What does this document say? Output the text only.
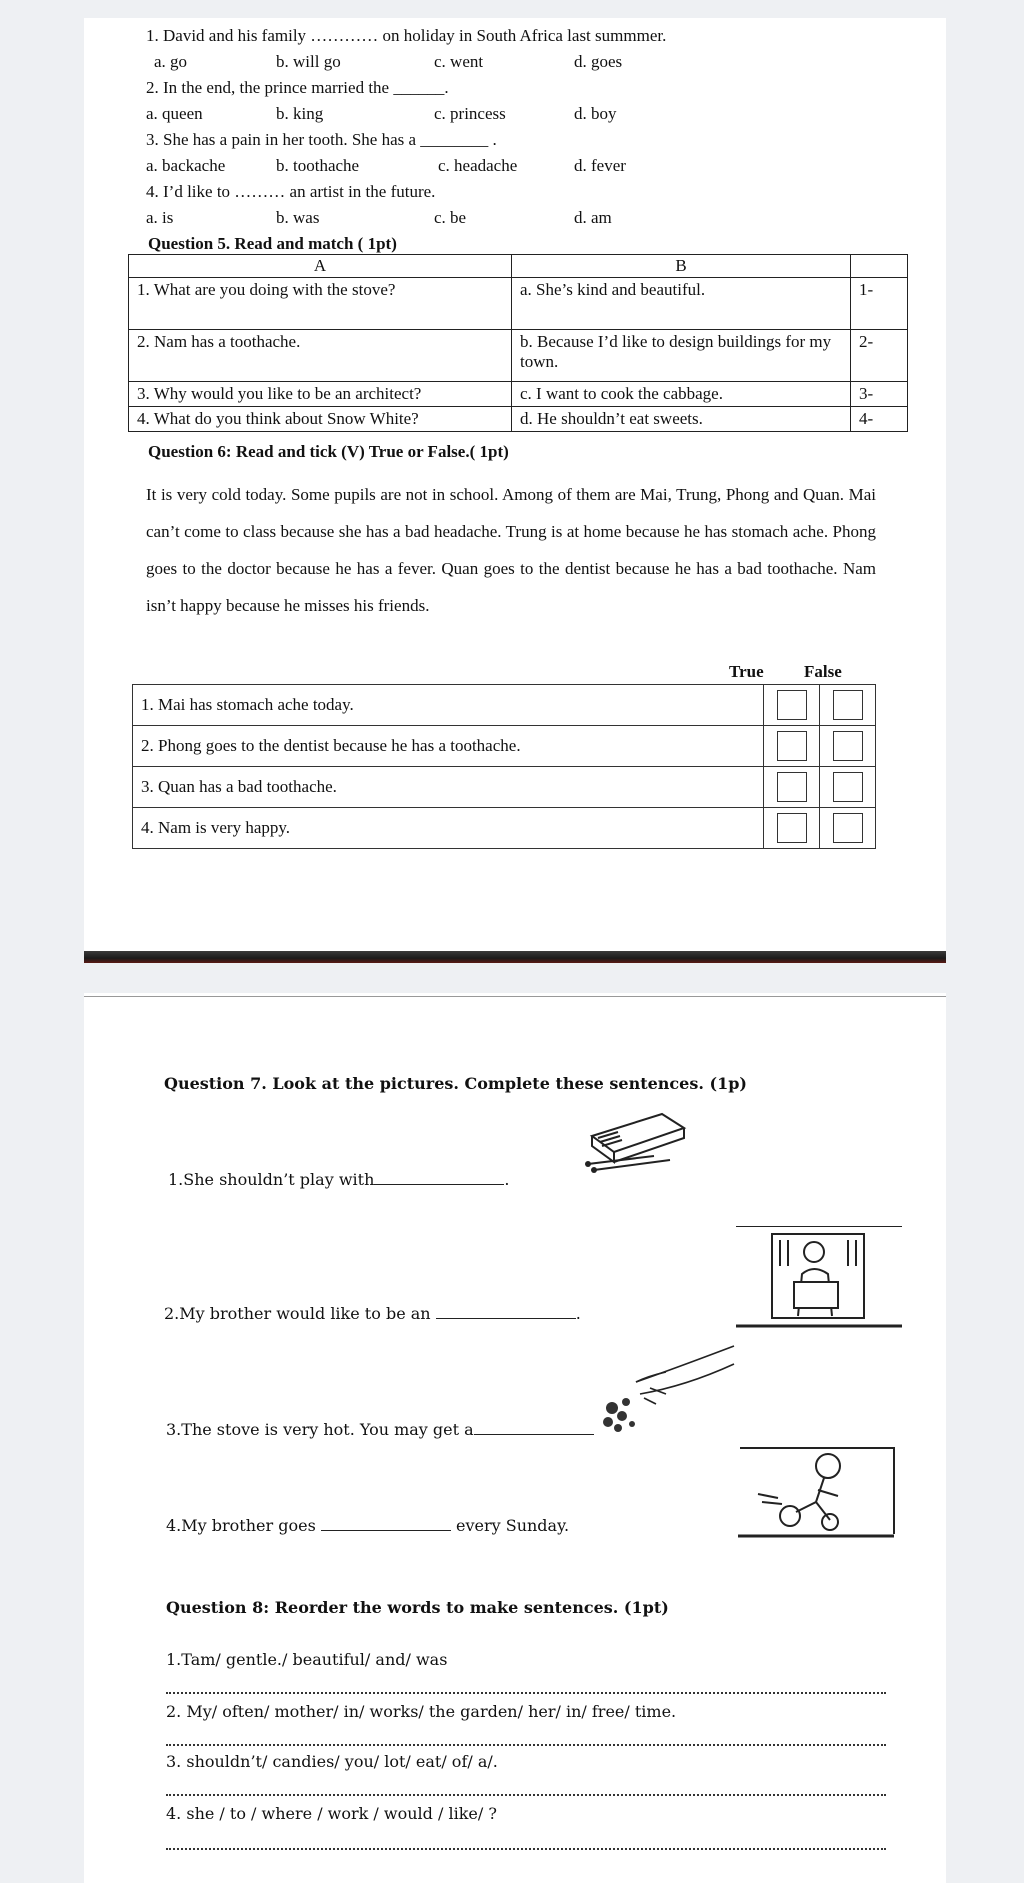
1. David and his family ………… on holiday in South Africa last summmer.
a. go	b. will go	c. went	d. goes
2. In the end, the prince married the ______.
a. queen	b. king	c. princess	d. boy
3. She has a pain in her tooth. She has a ________ .
a. backache	b. toothache	c. headache	d. fever
4. I’d like to ……… an artist in the future.
a. is	b. was	c. be	d. am
Question 5. Read and match ( 1pt)
A	B	
1. What are you doing with the stove?	a. She’s kind and beautiful.	1-
2. Nam has a toothache.	b. Because I’d like to design buildings for my town.	2-
3. Why would you like to be an architect?	c. I want to cook the cabbage.	3-
4. What do you think about Snow White?	d. He shouldn’t eat sweets.	4-
Question 6: Read and tick (V) True or False.( 1pt)
It is very cold today. Some pupils are not in school. Among of them are Mai, Trung, Phong and Quan. Mai can’t come to class because she has a bad headache. Trung is at home because he has stomach ache. Phong goes to the doctor because he has a fever. Quan goes to the dentist because he has a bad toothache. Nam isn’t happy because he misses his friends.
True False
1. Mai has stomach ache today.		
2. Phong goes to the dentist because he has a toothache.		
3. Quan has a bad toothache.		
4. Nam is very happy.		
Question 7. Look at the pictures. Complete these sentences. (1p)
1.She shouldn’t play with	.
2.My brother would like to be an	.
3.The stove is very hot. You may get a
4.My brother goes	every Sunday.
Question 8: Reorder the words to make sentences. (1pt)
1.Tam/ gentle./ beautiful/ and/ was
2. My/ often/ mother/ in/ works/ the garden/ her/ in/ free/ time.
3. shouldn’t/ candies/ you/ lot/ eat/ of/ a/.
4. she / to / where / work / would / like/ ?
